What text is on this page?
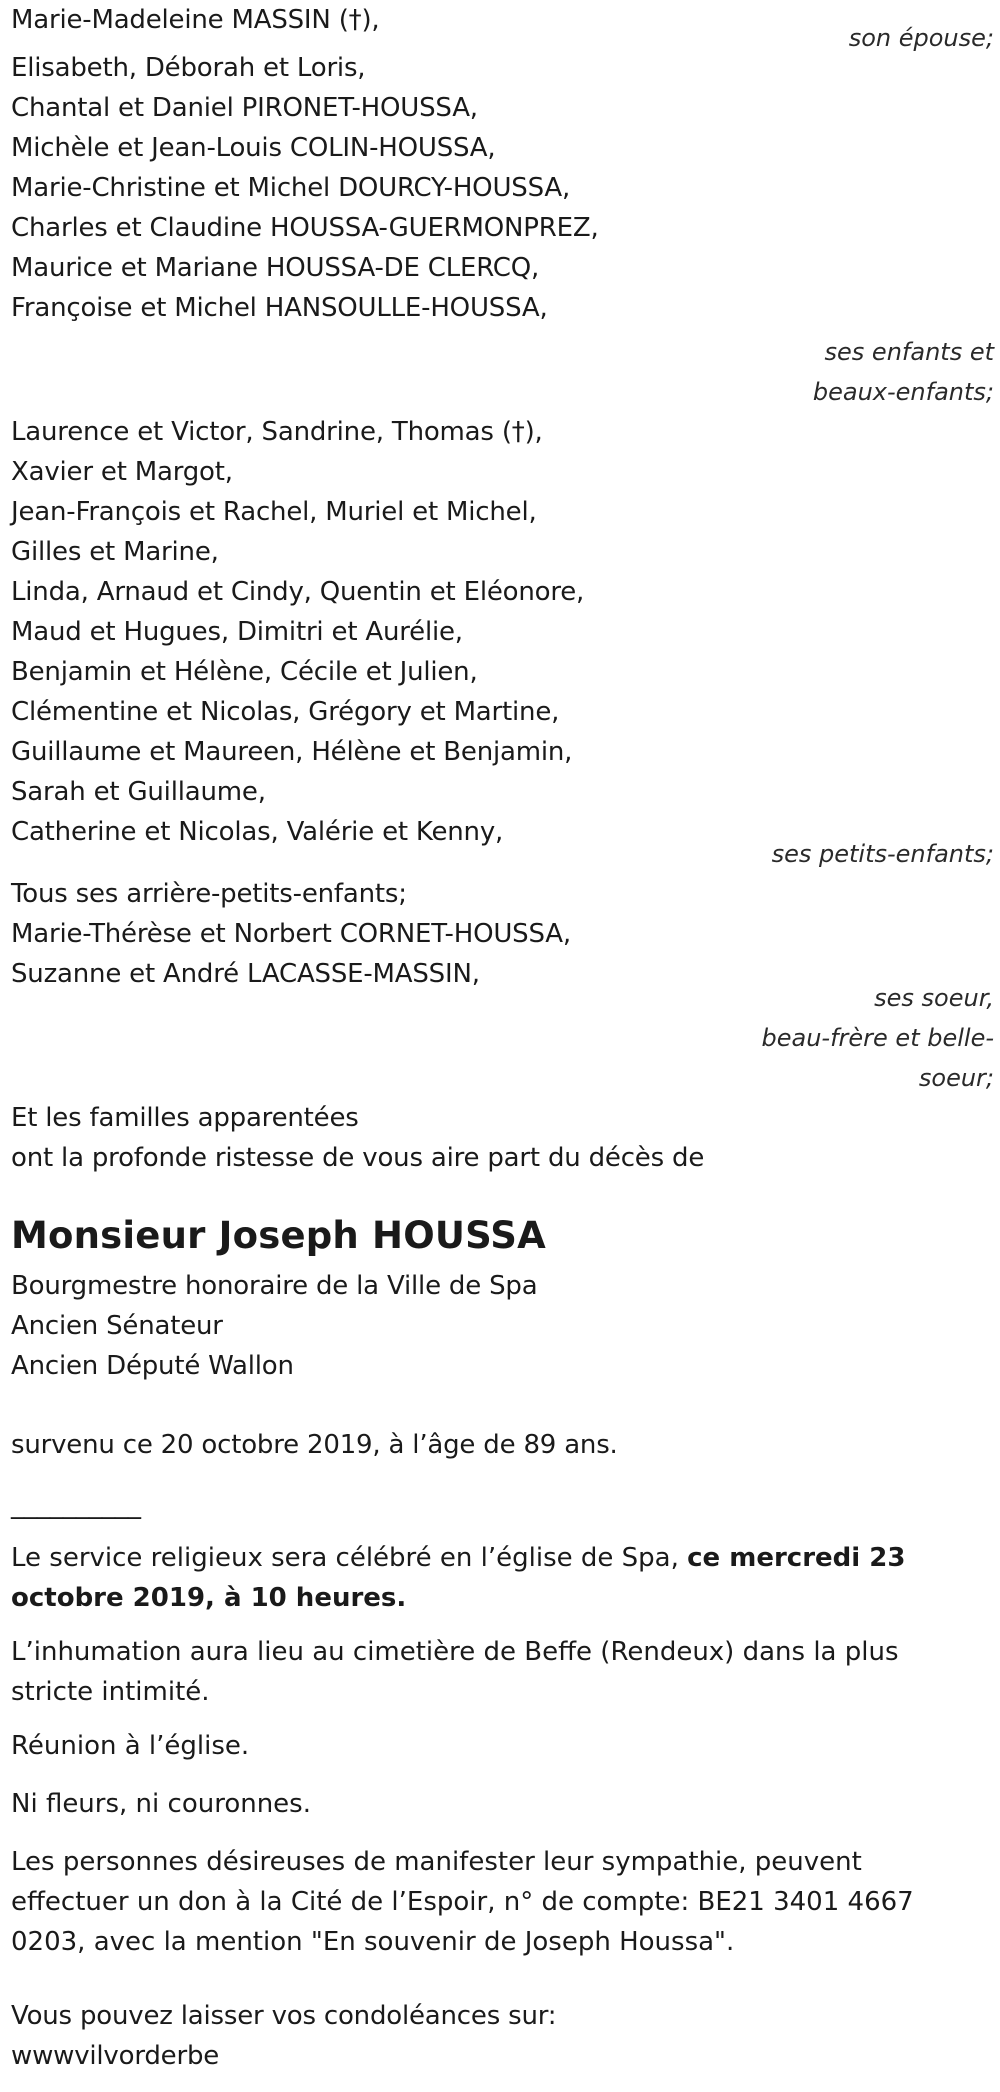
Marie-Madeleine MASSIN (†),
son épouse;
Elisabeth, Déborah et Loris,
Chantal et Daniel PIRONET-HOUSSA,
Michèle et Jean-Louis COLIN-HOUSSA,
Marie-Christine et Michel DOURCY-HOUSSA,
Charles et Claudine HOUSSA-GUERMONPREZ,
Maurice et Mariane HOUSSA-DE CLERCQ,
Françoise et Michel HANSOULLE-HOUSSA,
ses enfants et
beaux-enfants;
Laurence et Victor, Sandrine, Thomas (†),
Xavier et Margot,
Jean-François et Rachel, Muriel et Michel,
Gilles et Marine,
Linda, Arnaud et Cindy, Quentin et Eléonore,
Maud et Hugues, Dimitri et Aurélie,
Benjamin et Hélène, Cécile et Julien,
Clémentine et Nicolas, Grégory et Martine,
Guillaume et Maureen, Hélène et Benjamin,
Sarah et Guillaume,
Catherine et Nicolas, Valérie et Kenny,
ses petits-enfants;
Tous ses arrière-petits-enfants;
Marie-Thérèse et Norbert CORNET-HOUSSA,
Suzanne et André LACASSE-MASSIN,
ses soeur,
beau-frère et belle-
soeur;
Et les familles apparentées
ont la profonde ristesse de vous aire part du décès de
Monsieur Joseph HOUSSA
Bourgmestre honoraire de la Ville de Spa
Ancien Sénateur
Ancien Député Wallon
survenu ce 20 octobre 2019, à l’âge de 89 ans.
__________
Le service religieux sera célébré en l’église de Spa, ce mercredi 23 octobre 2019, à 10 heures.
L’inhumation aura lieu au cimetière de Beffe (Rendeux) dans la plus stricte intimité.
Réunion à l’église.
Ni fleurs, ni couronnes.
Les personnes désireuses de manifester leur sympathie, peuvent effectuer un don à la Cité de l’Espoir, n° de compte: BE21 3401 4667 0203, avec la mention "En souvenir de Joseph Houssa".
Vous pouvez laisser vos condoléances sur:
wwwvilvorderbe
